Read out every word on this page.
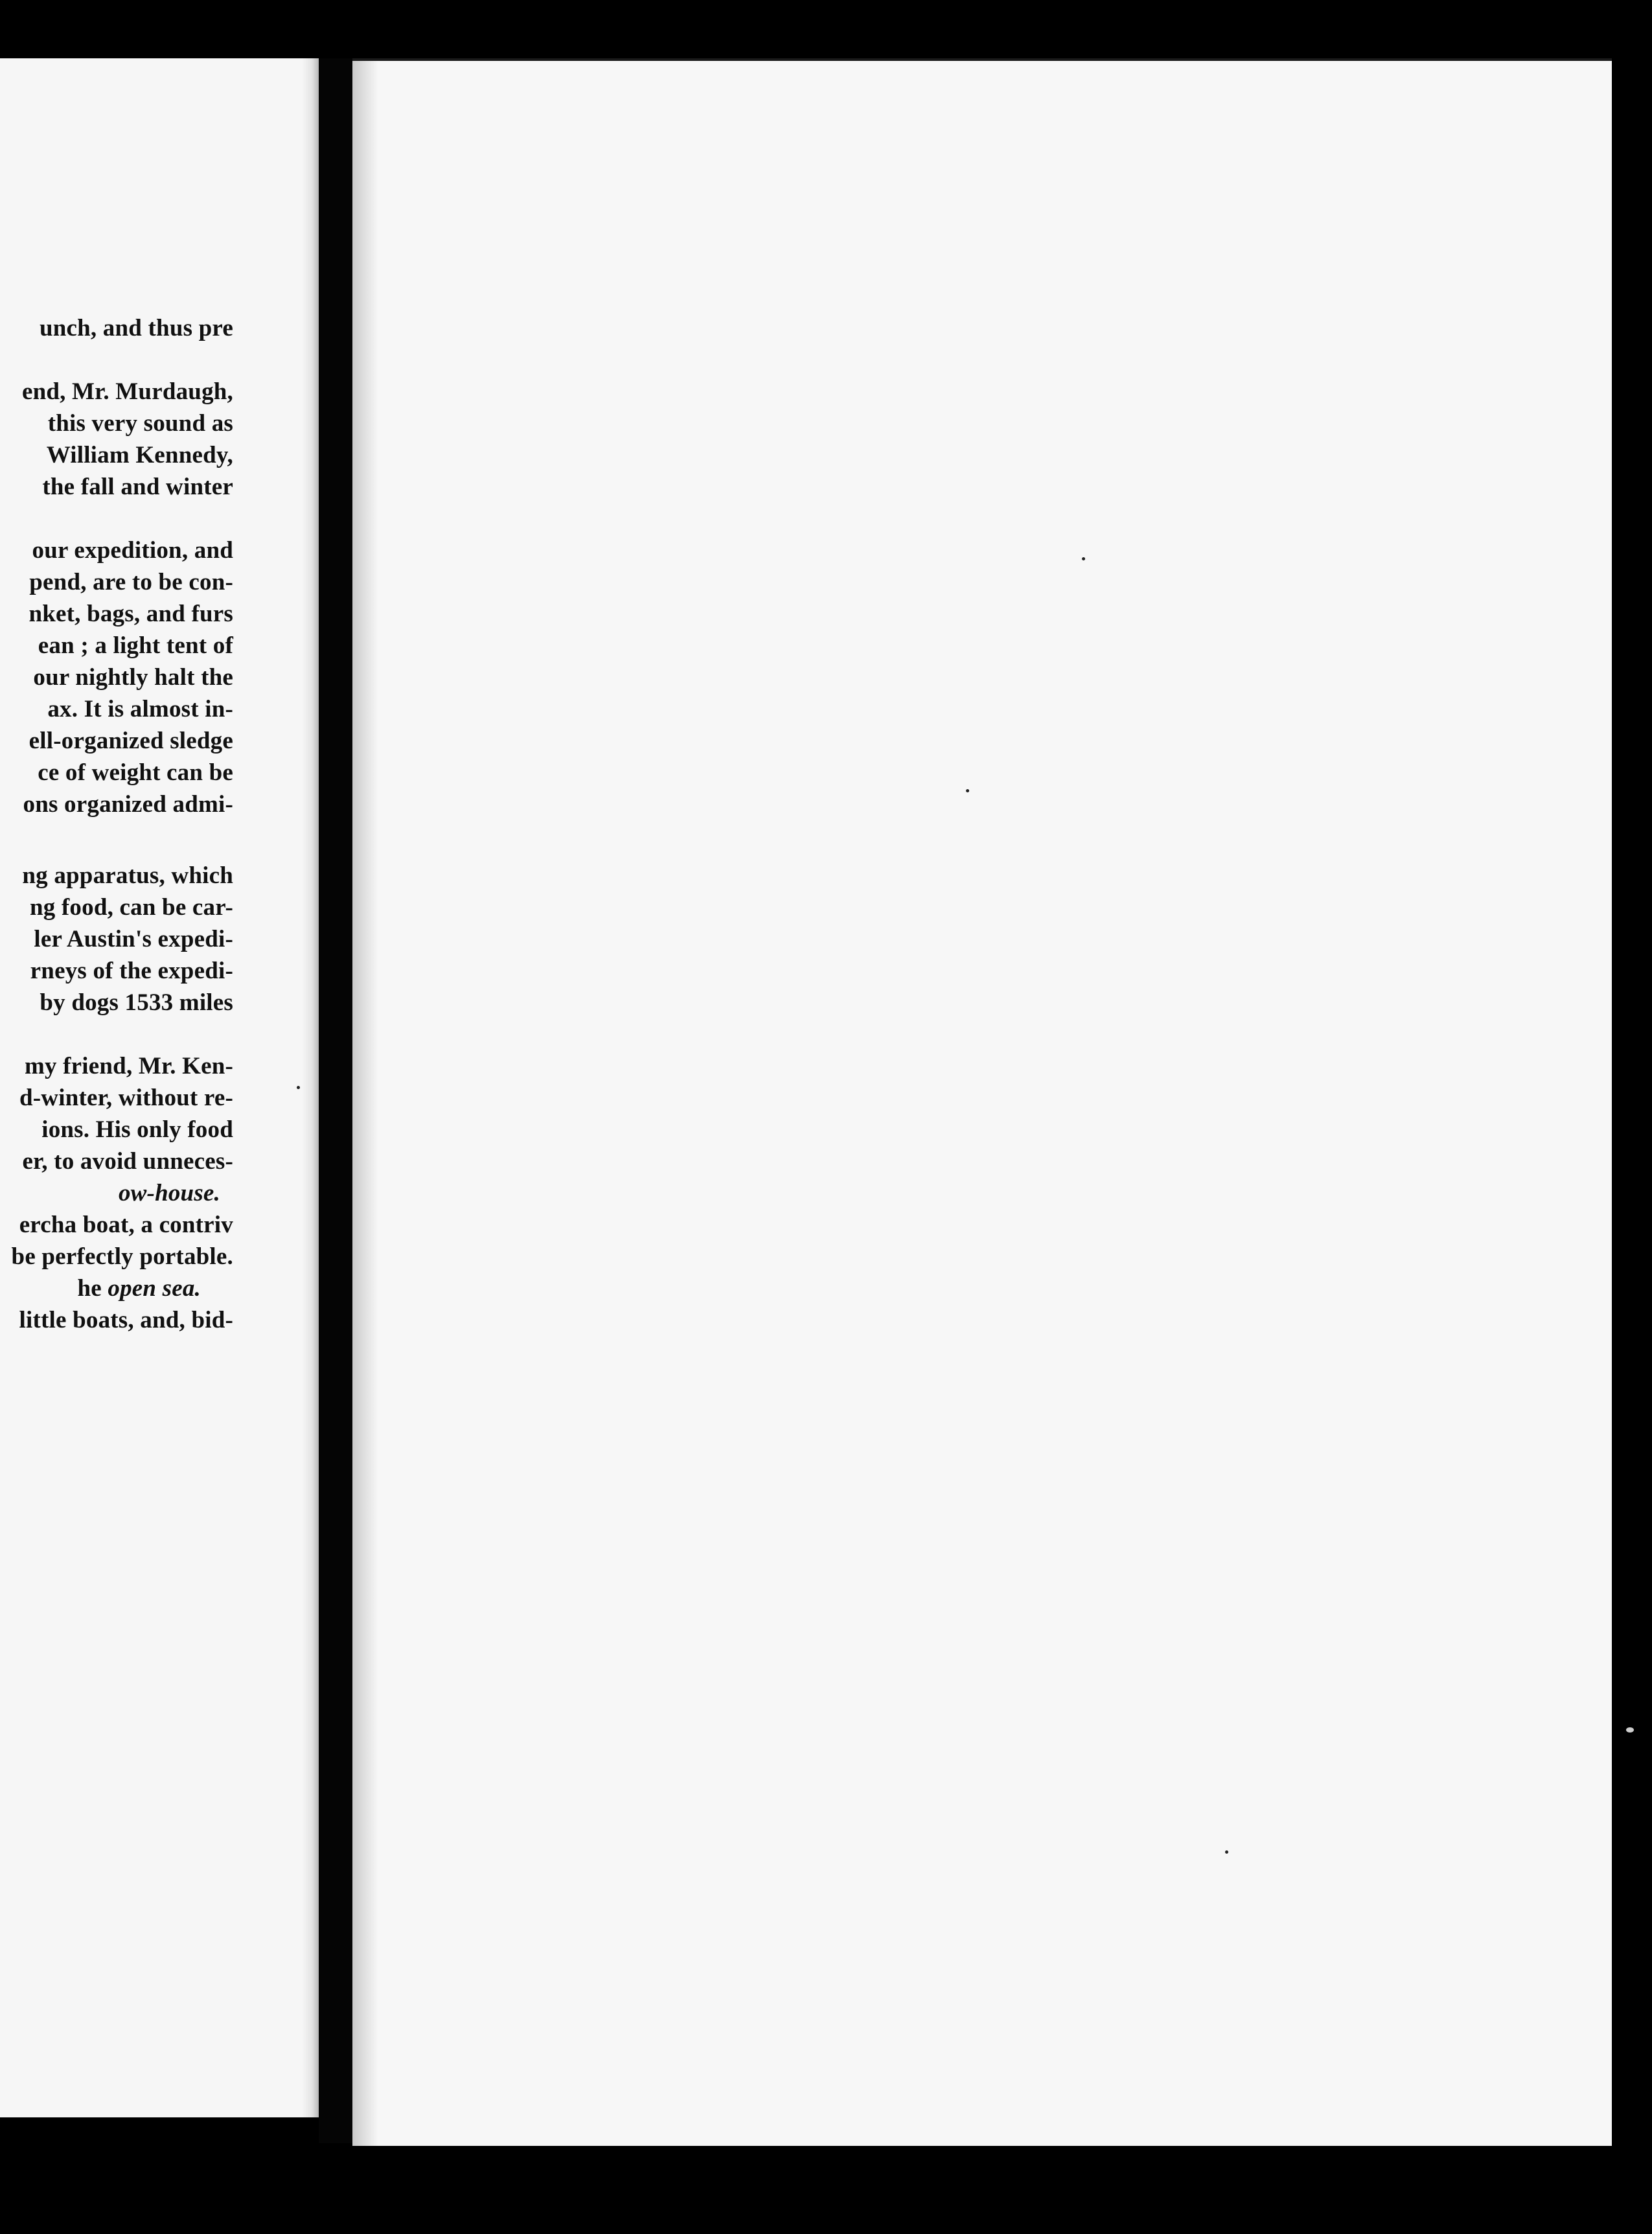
unch, and thus pre
end, Mr. Murdaugh,
this very sound as
William Kennedy,
the fall and winter
our expedition, and
pend, are to be con-
nket, bags, and furs
ean ; a light tent of
our nightly halt the
ax. It is almost in-
ell-organized sledge
ce of weight can be
ons organized admi-
ng apparatus, which
ng food, can be car-
ler Austin's expedi-
rneys of the expedi-
by dogs 1533 miles
my friend, Mr. Ken-
d-winter, without re-
ions. His only food
er, to avoid unneces-
ow-house.
ercha boat, a contriv
be perfectly portable.
he open sea.
little boats, and, bid-
